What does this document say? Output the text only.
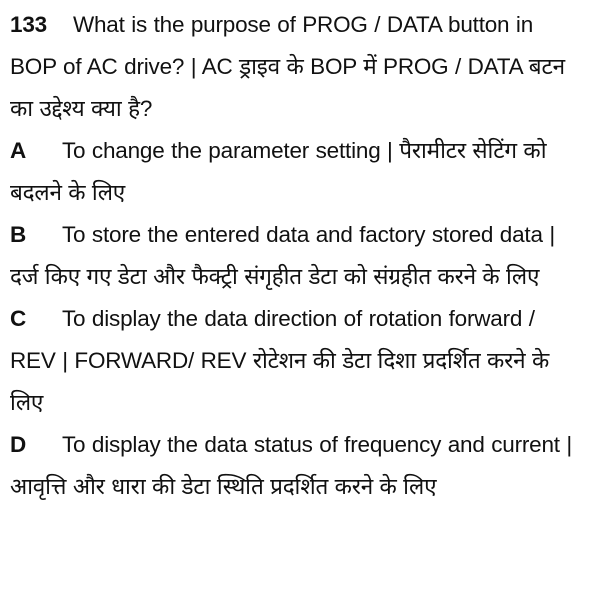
133 What is the purpose of PROG / DATA button in BOP of AC drive? | AC ड्राइव के BOP में PROG / DATA बटन का उद्देश्य क्या है?
A To change the parameter setting | पैरामीटर सेटिंग को बदलने के लिए
B To store the entered data and factory stored data | दर्ज किए गए डेटा और फैक्ट्री संगृहीत डेटा को संग्रहीत करने के लिए
C To display the data direction of rotation forward / REV | FORWARD/ REV रोटेशन की डेटा दिशा प्रदर्शित करने के लिए
D To display the data status of frequency and current | आवृत्ति और धारा की डेटा स्थिति प्रदर्शित करने के लिए
